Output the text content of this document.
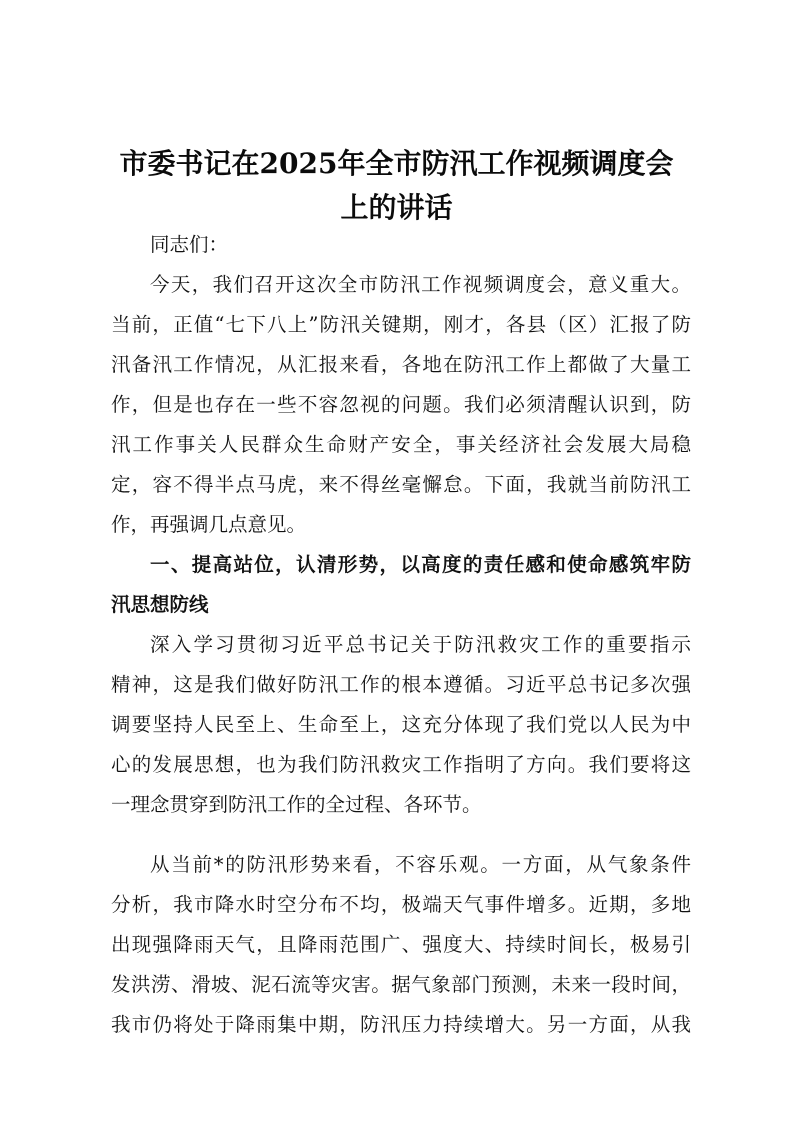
市委书记在2025年全市防汛工作视频调度会
上的讲话

同志们：

今天，我们召开这次全市防汛工作视频调度会，意义重大。

当前，正值“七下八上”防汛关键期，刚才，各县（区）汇报了防

汛备汛工作情况，从汇报来看，各地在防汛工作上都做了大量工

作，但是也存在一些不容忽视的问题。我们必须清醒认识到，防

汛工作事关人民群众生命财产安全，事关经济社会发展大局稳

定，容不得半点马虎，来不得丝毫懈怠。下面，我就当前防汛工

作，再强调几点意见。

一、提高站位，认清形势，以高度的责任感和使命感筑牢防

汛思想防线

深入学习贯彻习近平总书记关于防汛救灾工作的重要指示

精神，这是我们做好防汛工作的根本遵循。习近平总书记多次强

调要坚持人民至上、生命至上，这充分体现了我们党以人民为中

心的发展思想，也为我们防汛救灾工作指明了方向。我们要将这

一理念贯穿到防汛工作的全过程、各环节。

从当前*的防汛形势来看，不容乐观。一方面，从气象条件

分析，我市降水时空分布不均，极端天气事件增多。近期，多地

出现强降雨天气，且降雨范围广、强度大、持续时间长，极易引

发洪涝、滑坡、泥石流等灾害。据气象部门预测，未来一段时间，

我市仍将处于降雨集中期，防汛压力持续增大。另一方面，从我
